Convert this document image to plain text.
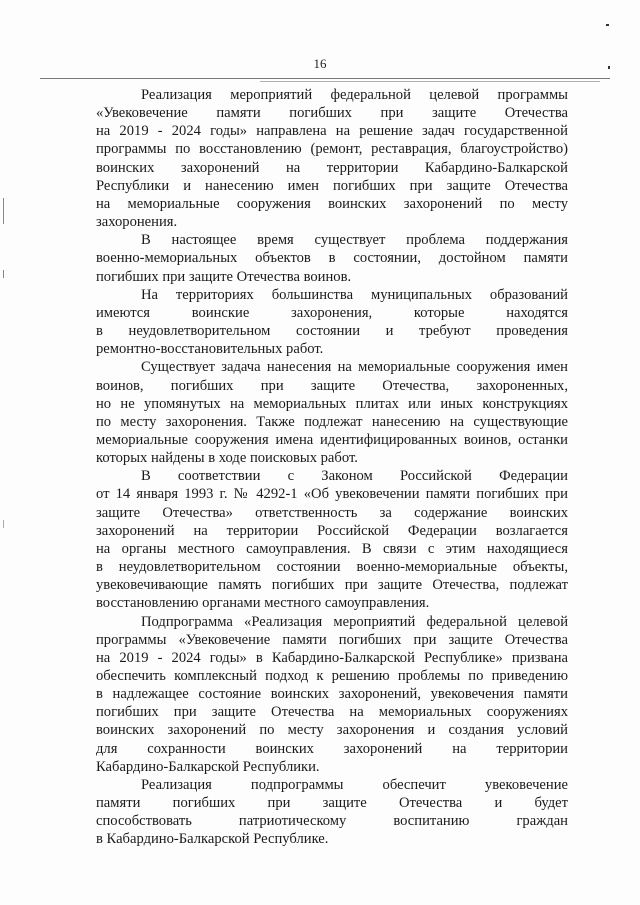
16

Реализация мероприятий федеральной целевой программы
«Увековечение памяти погибших при защите Отечества
на 2019 - 2024 годы» направлена на решение задач государственной
программы по восстановлению (ремонт, реставрация, благоустройство)
воинских захоронений на территории Кабардино-Балкарской
Республики и нанесению имен погибших при защите Отечества
на мемориальные сооружения воинских захоронений по месту
захоронения.

В настоящее время существует проблема поддержания
военно-мемориальных объектов в состоянии, достойном памяти
погибших при защите Отечества воинов.

На территориях большинства муниципальных образований
имеются воинские захоронения, которые находятся
в неудовлетворительном состоянии и требуют проведения
ремонтно-восстановительных работ.

Существует задача нанесения на мемориальные сооружения имен
воинов, погибших при защите Отечества, захороненных,
но не упомянутых на мемориальных плитах или иных конструкциях
по месту захоронения. Также подлежат нанесению на существующие
мемориальные сооружения имена идентифицированных воинов, останки
которых найдены в ходе поисковых работ.

В соответствии с Законом Российской Федерации
от 14 января 1993 г. № 4292-1 «Об увековечении памяти погибших при
защите Отечества» ответственность за содержание воинских
захоронений на территории Российской Федерации возлагается
на органы местного самоуправления. В связи с этим находящиеся
в неудовлетворительном состоянии военно-мемориальные объекты,
увековечивающие память погибших при защите Отечества, подлежат
восстановлению органами местного самоуправления.

Подпрограмма «Реализация мероприятий федеральной целевой
программы «Увековечение памяти погибших при защите Отечества
на 2019 - 2024 годы» в Кабардино-Балкарской Республике» призвана
обеспечить комплексный подход к решению проблемы по приведению
в надлежащее состояние воинских захоронений, увековечения памяти
погибших при защите Отечества на мемориальных сооружениях
воинских захоронений по месту захоронения и создания условий
для сохранности воинских захоронений на территории
Кабардино-Балкарской Республики.

Реализация подпрограммы обеспечит увековечение
памяти погибших при защите Отечества и будет
способствовать патриотическому воспитанию граждан
в Кабардино-Балкарской Республике.
